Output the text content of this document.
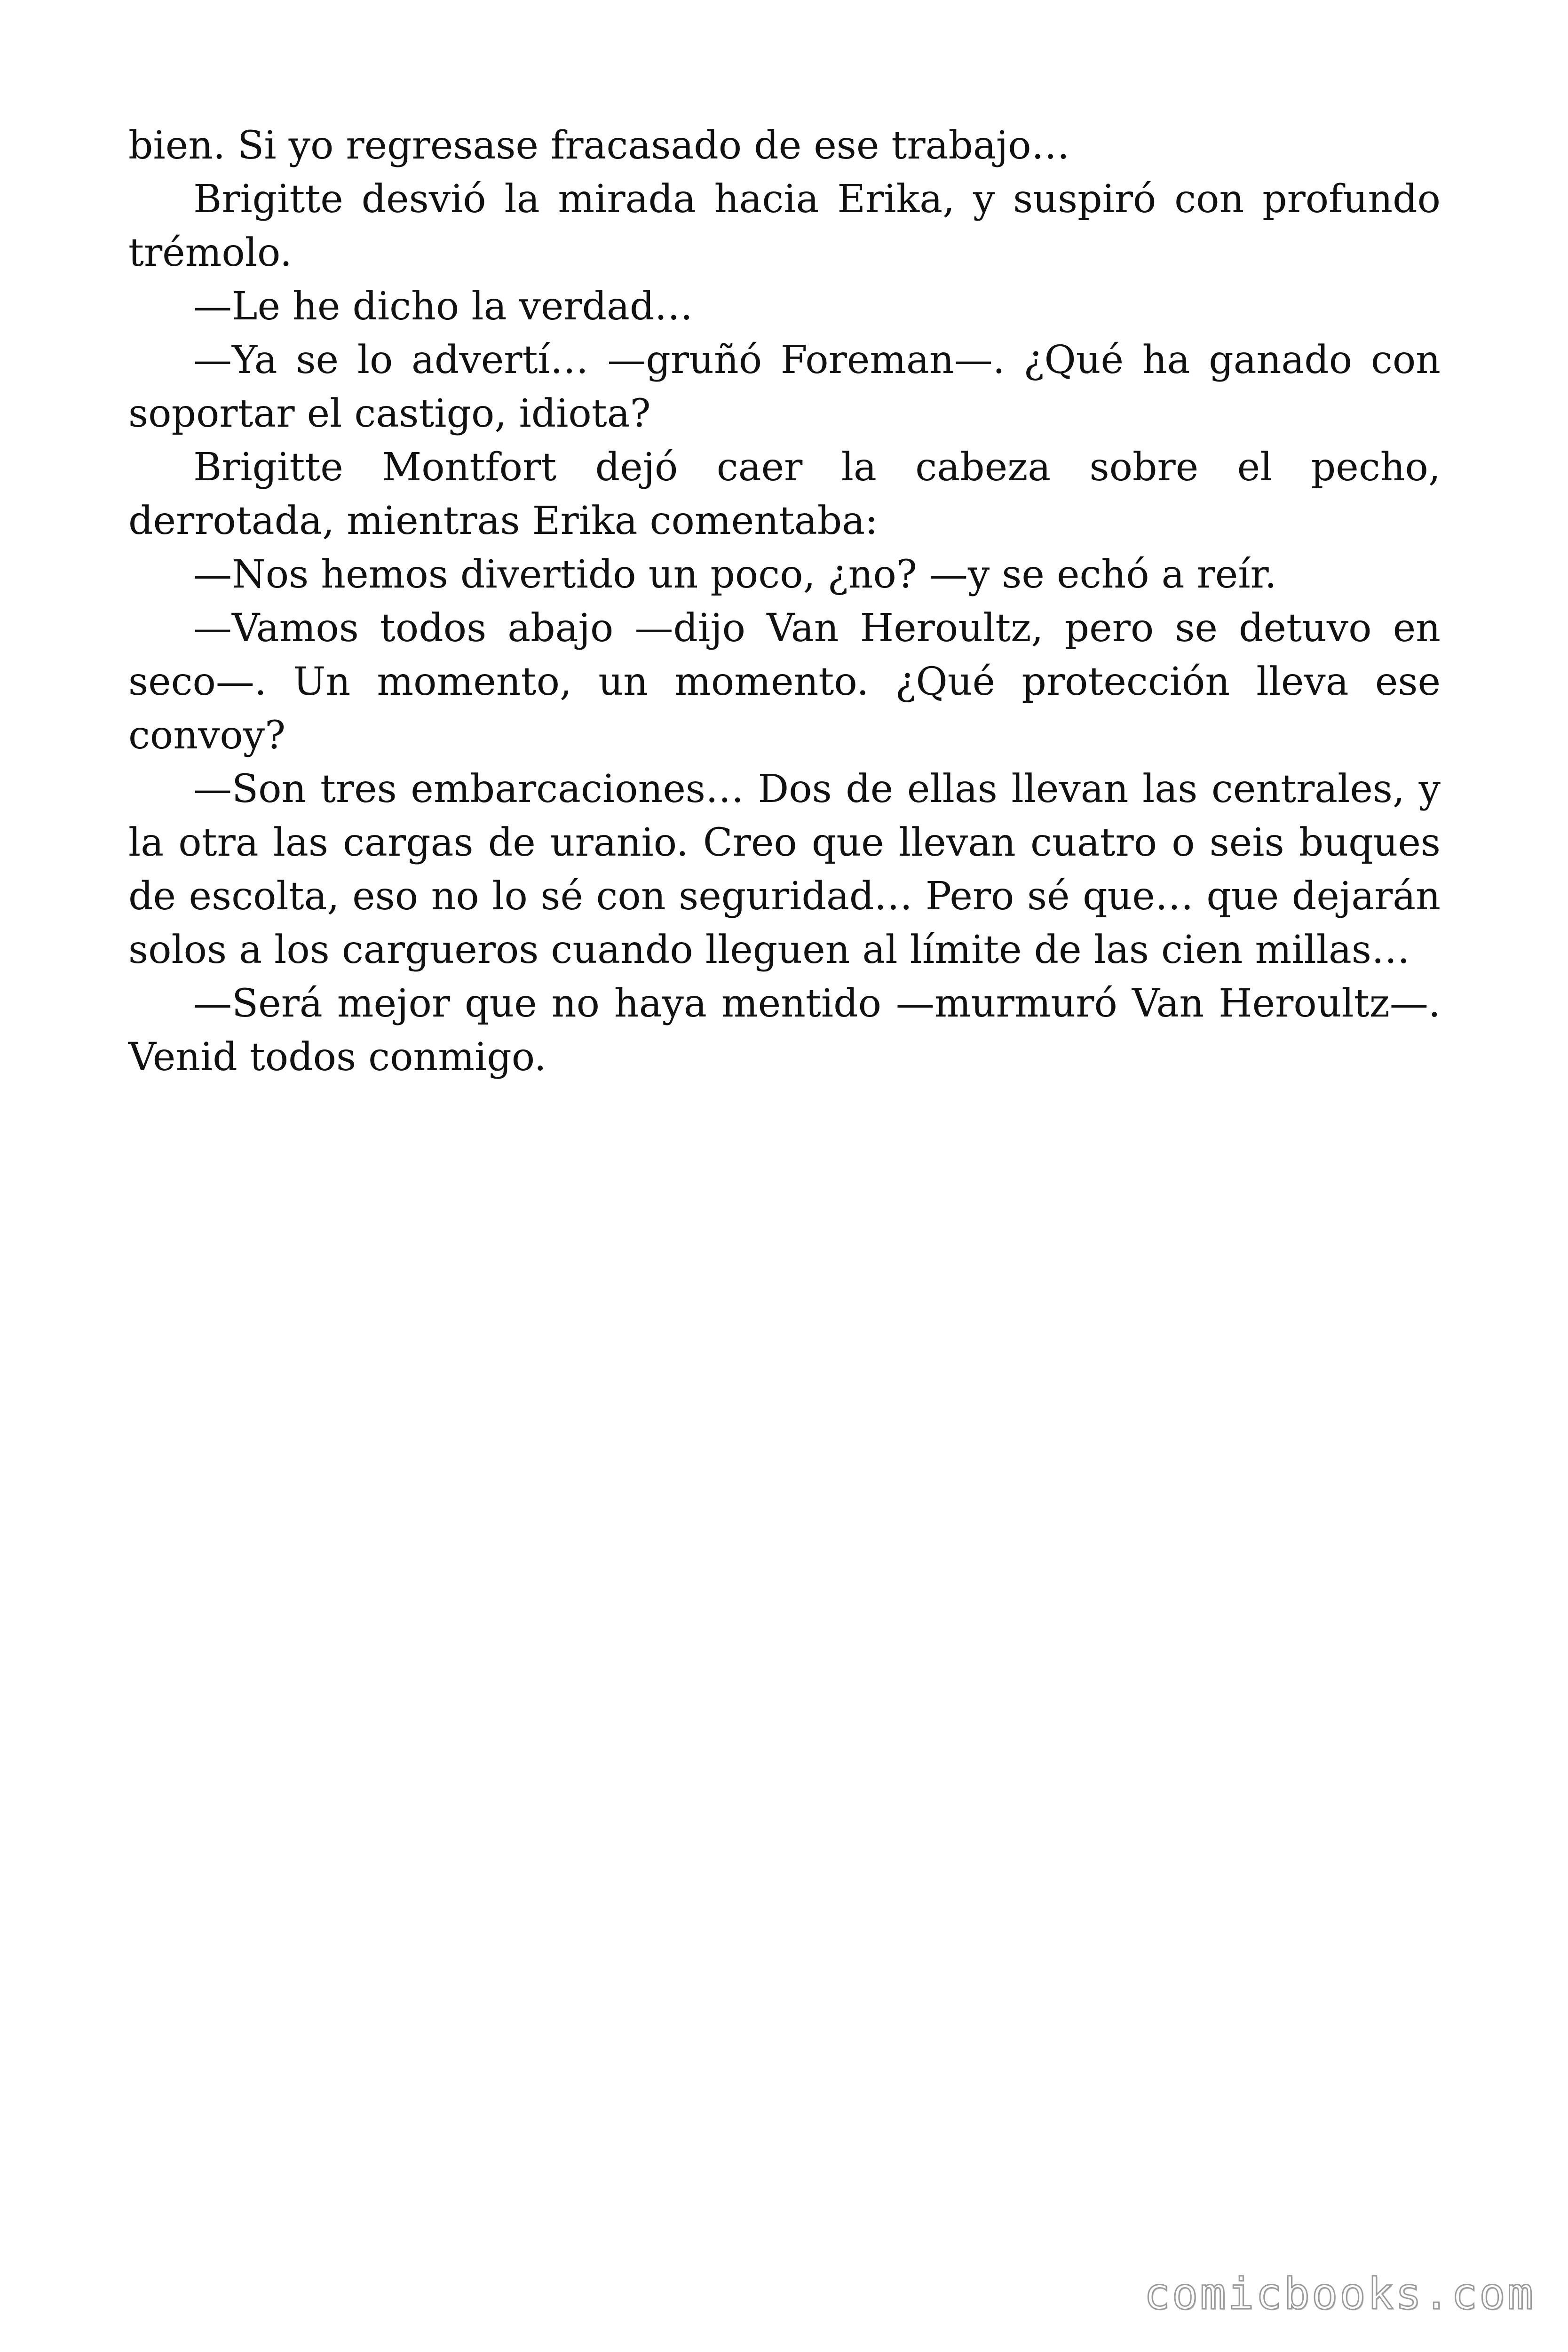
bien. Si yo regresase fracasado de ese trabajo…

Brigitte desvió la mirada hacia Erika, y suspiró con profundo trémolo.

—Le he dicho la verdad…

—Ya se lo advertí… —gruñó Foreman—. ¿Qué ha ganado con soportar el castigo, idiota?

Brigitte Montfort dejó caer la cabeza sobre el pecho, derrotada, mientras Erika comentaba:

—Nos hemos divertido un poco, ¿no? —y se echó a reír.

—Vamos todos abajo —dijo Van Heroultz, pero se detuvo en seco—. Un momento, un momento. ¿Qué protección lleva ese convoy?

—Son tres embarcaciones… Dos de ellas llevan las centrales, y la otra las cargas de uranio. Creo que llevan cuatro o seis buques de escolta, eso no lo sé con seguridad… Pero sé que… que dejarán solos a los cargueros cuando lleguen al límite de las cien millas…

—Será mejor que no haya mentido —murmuró Van Heroultz—. Venid todos conmigo.

comicbooks.com
